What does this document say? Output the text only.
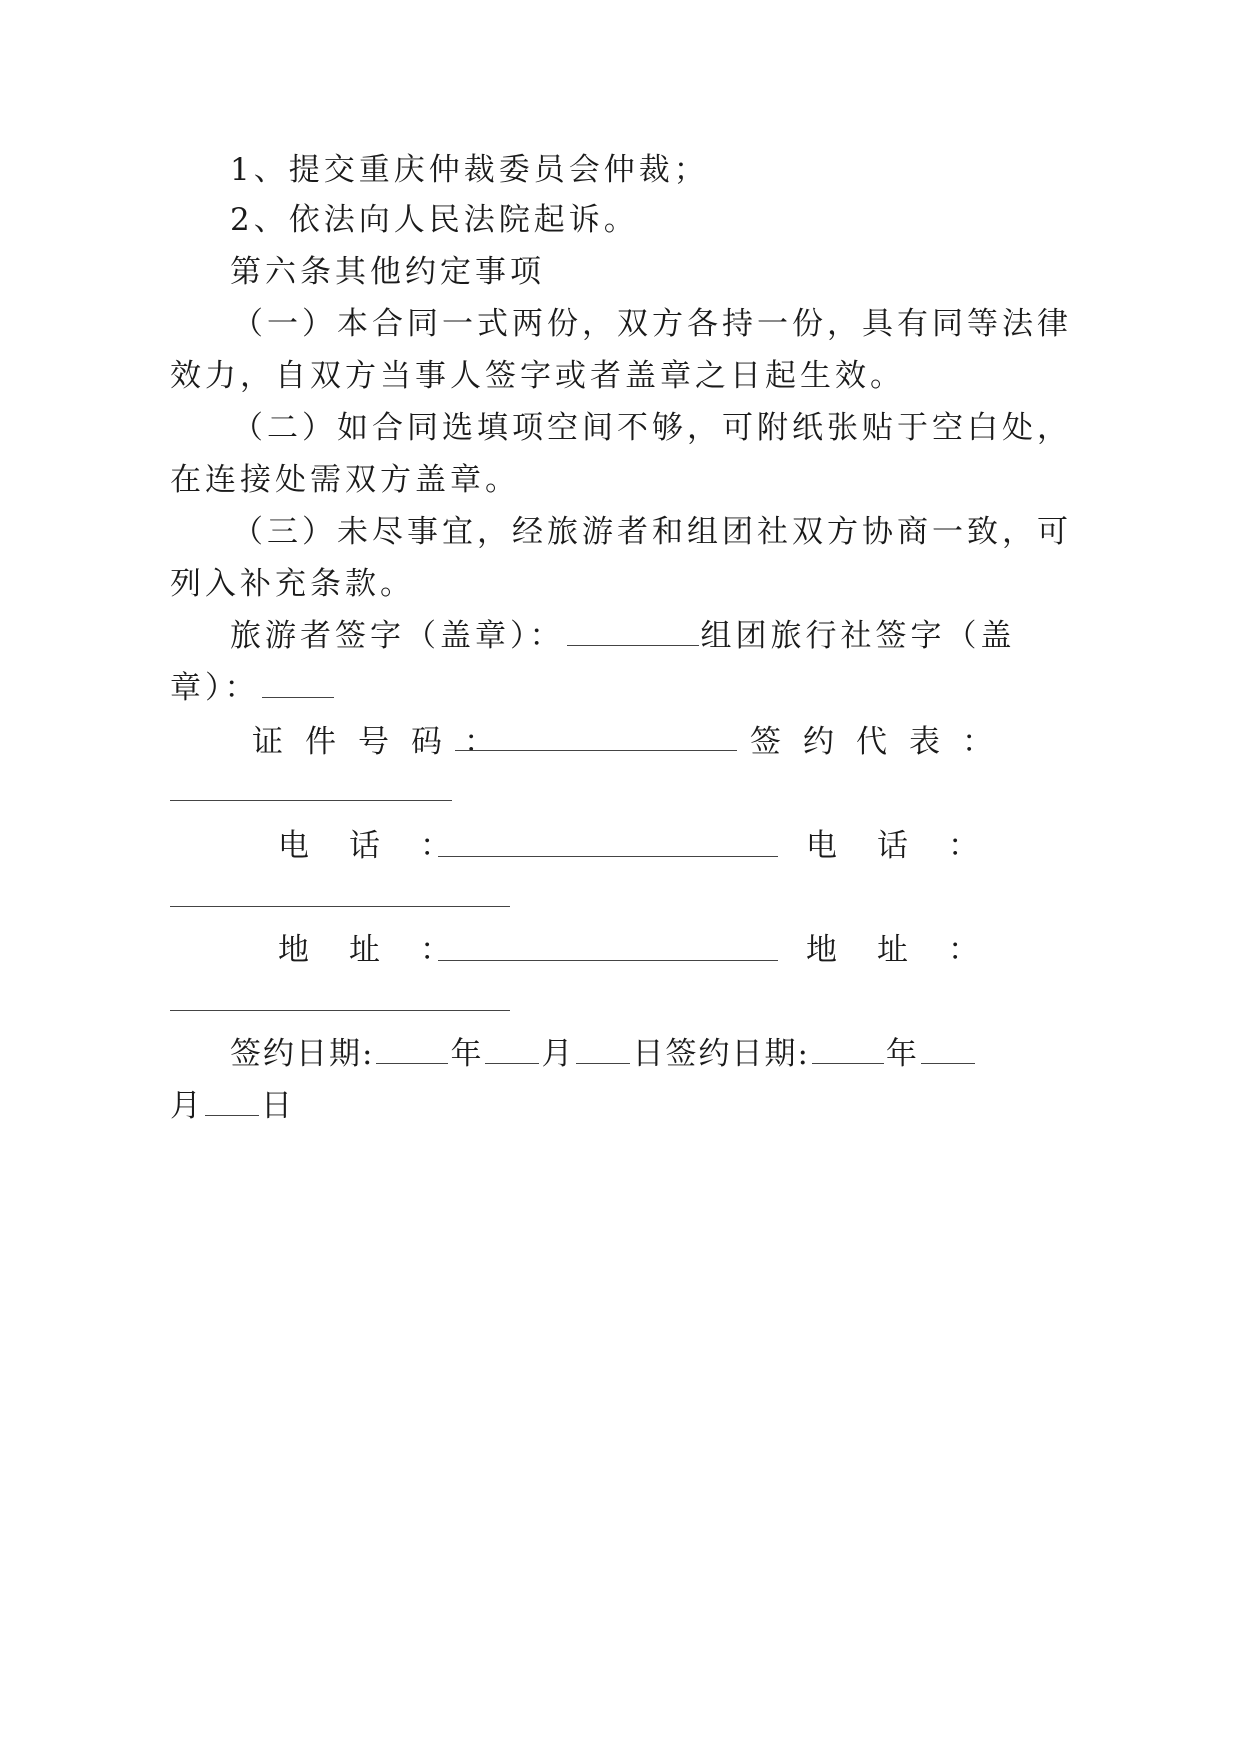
1、提交重庆仲裁委员会仲裁；
2、依法向人民法院起诉。
第六条其他约定事项
（一）本合同一式两份，双方各持一份，具有同等法律
效力，自双方当事人签字或者盖章之日起生效。
（二）如合同选填项空间不够，可附纸张贴于空白处，
在连接处需双方盖章。
（三）未尽事宜，经旅游者和组团社双方协商一致，可
列入补充条款。
旅游者签字（盖章）：	组团旅行社签字（盖
章）：
证件号码：	签约代表：
电话：	电话：
地址：	地址：
签约日期: 年 月 日签约日期: 年
月 日
